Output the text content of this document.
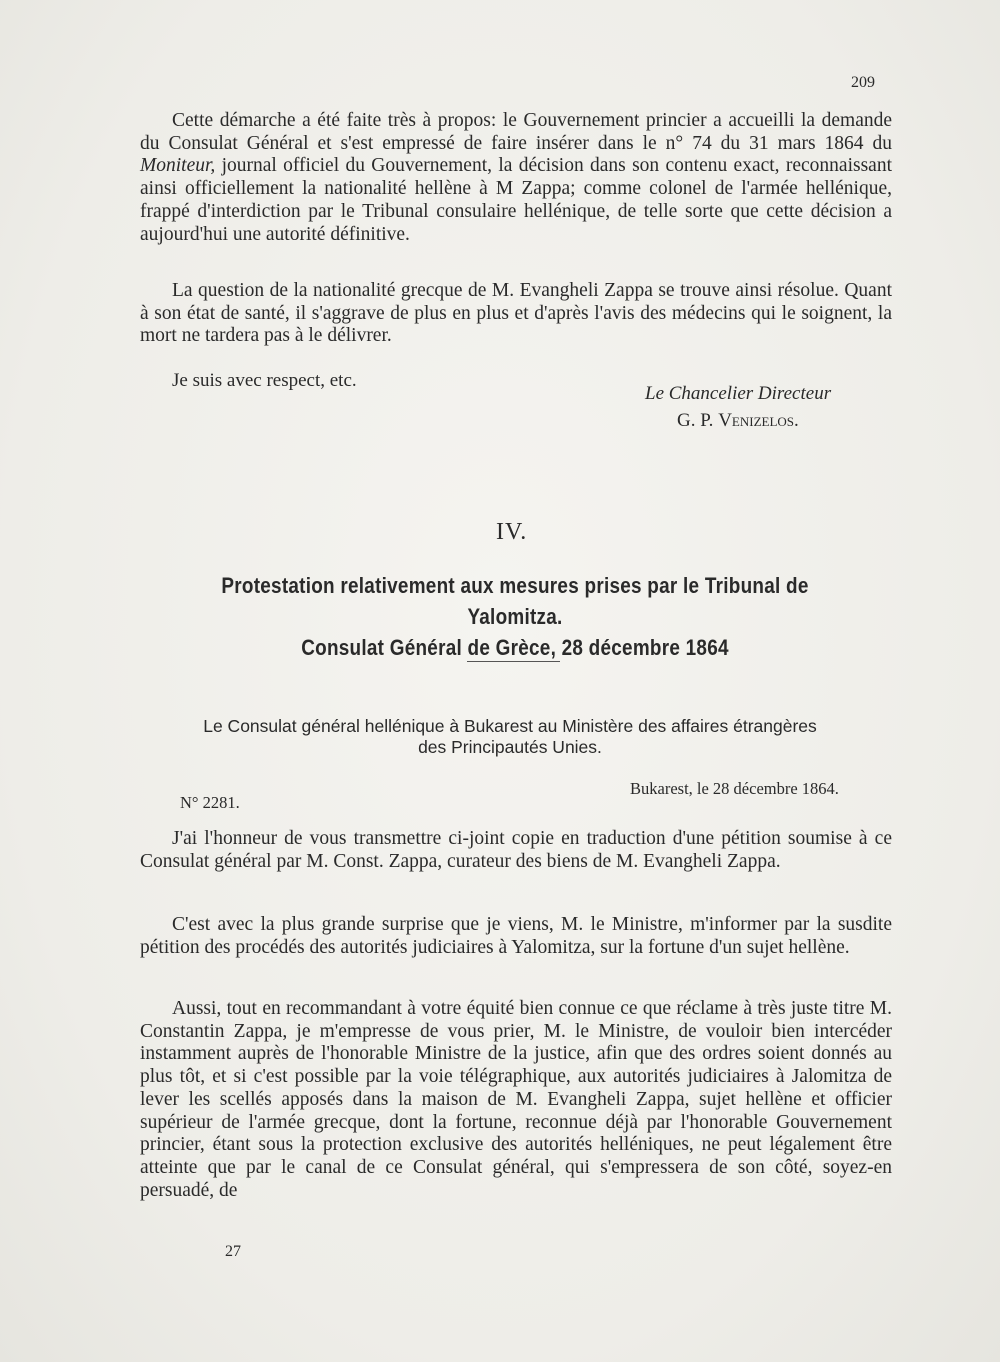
209

Cette démarche a été faite très à propos: le Gouvernement princier a accueilli la demande du Consulat Général et s'est empressé de faire insérer dans le n° 74 du 31 mars 1864 du Moniteur, journal officiel du Gouvernement, la décision dans son contenu exact, reconnaissant ainsi officiellement la nationalité hellène à M Zappa; comme colonel de l'armée hellénique, frappé d'interdiction par le Tribunal consulaire hellénique, de telle sorte que cette décision a aujourd'hui une autorité définitive.

La question de la nationalité grecque de M. Evangheli Zappa se trouve ainsi résolue. Quant à son état de santé, il s'aggrave de plus en plus et d'après l'avis des médecins qui le soignent, la mort ne tardera pas à le délivrer.

Je suis avec respect, etc.
Le Chancelier Directeur
G. P. Venizelos.
IV.
Protestation relativement aux mesures prises par le Tribunal de Yalomitza.
Consulat Général de Grèce, 28 décembre 1864
Le Consulat général hellénique à Bukarest au Ministère des affaires étrangères
des Principautés Unies.
N° 2281.
Bukarest, le 28 décembre 1864.

J'ai l'honneur de vous transmettre ci-joint copie en traduction d'une pétition soumise à ce Consulat général par M. Const. Zappa, curateur des biens de M. Evangheli Zappa.

C'est avec la plus grande surprise que je viens, M. le Ministre, m'informer par la susdite pétition des procédés des autorités judiciaires à Yalomitza, sur la fortune d'un sujet hellène.

Aussi, tout en recommandant à votre équité bien connue ce que réclame à très juste titre M. Constantin Zappa, je m'empresse de vous prier, M. le Ministre, de vouloir bien intercéder instamment auprès de l'honorable Ministre de la justice, afin que des ordres soient donnés au plus tôt, et si c'est possible par la voie télégraphique, aux autorités judiciaires à Jalomitza de lever les scellés apposés dans la maison de M. Evangheli Zappa, sujet hellène et officier supérieur de l'armée grecque, dont la fortune, reconnue déjà par l'honorable Gouvernement princier, étant sous la protection exclusive des autorités helléniques, ne peut légalement être atteinte que par le canal de ce Consulat général, qui s'empressera de son côté, soyez-en persuadé, de

27
